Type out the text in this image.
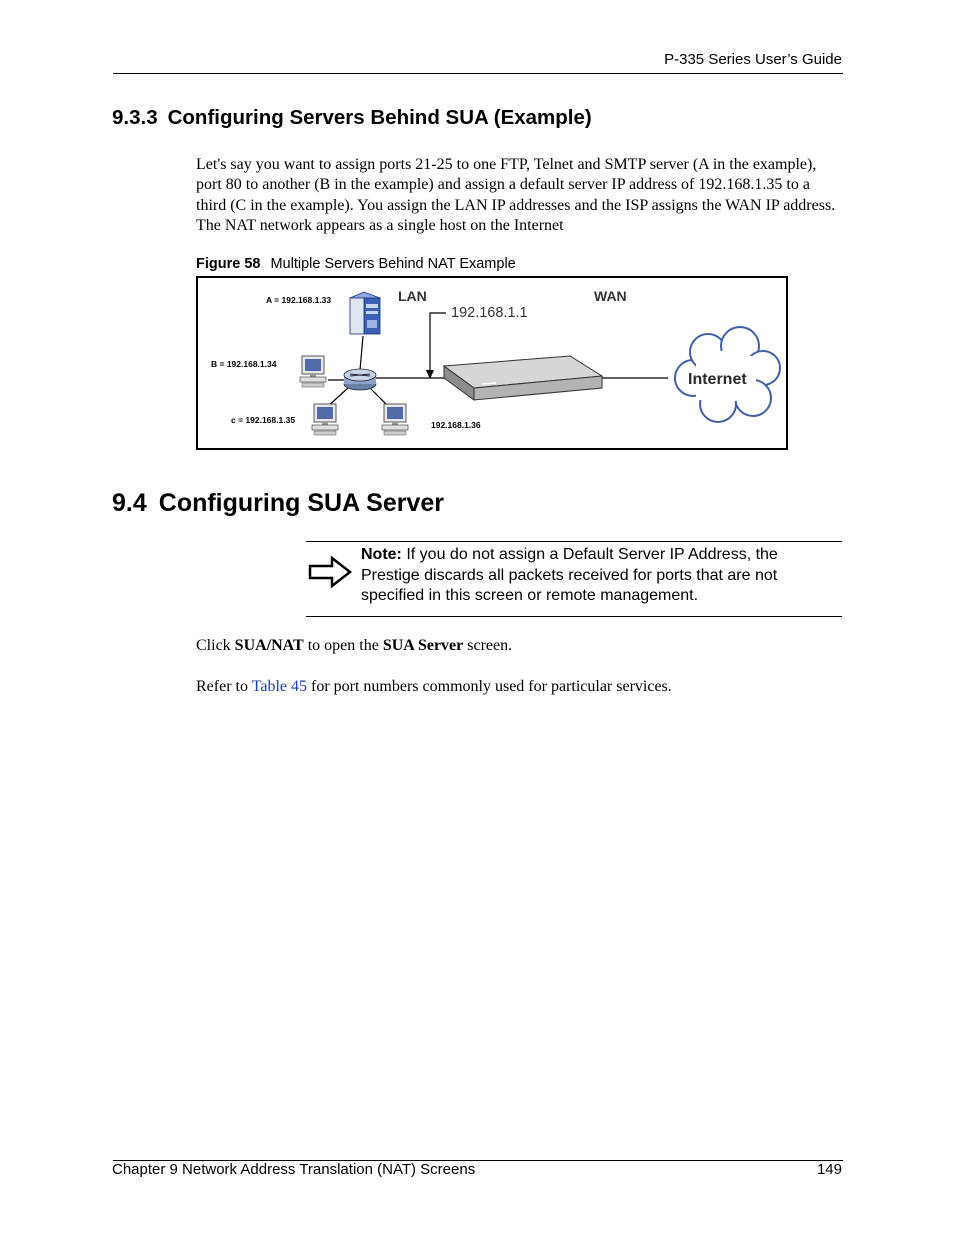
P-335 Series User’s Guide
9.3.3 Configuring Servers Behind SUA (Example)
Let's say you want to assign ports 21-25 to one FTP, Telnet and SMTP server (A in the example), port 80 to another (B in the example) and assign a default server IP address of 192.168.1.35 to a third (C in the example). You assign the LAN IP addresses and the ISP assigns the WAN IP address. The NAT network appears as a single host on the Internet
Figure 58 Multiple Servers Behind NAT Example
A = 192.168.1.33
B = 192.168.1.34
c = 192.168.1.35	192.168.1.36
LAN	WAN
192.168.1.1
Internet
9.4 Configuring SUA Server
Note: If you do not assign a Default Server IP Address, the Prestige discards all packets received for ports that are not specified in this screen or remote management.
Click SUA/NAT to open the SUA Server screen.
Refer to Table 45 for port numbers commonly used for particular services.
Chapter 9 Network Address Translation (NAT) Screens	149
